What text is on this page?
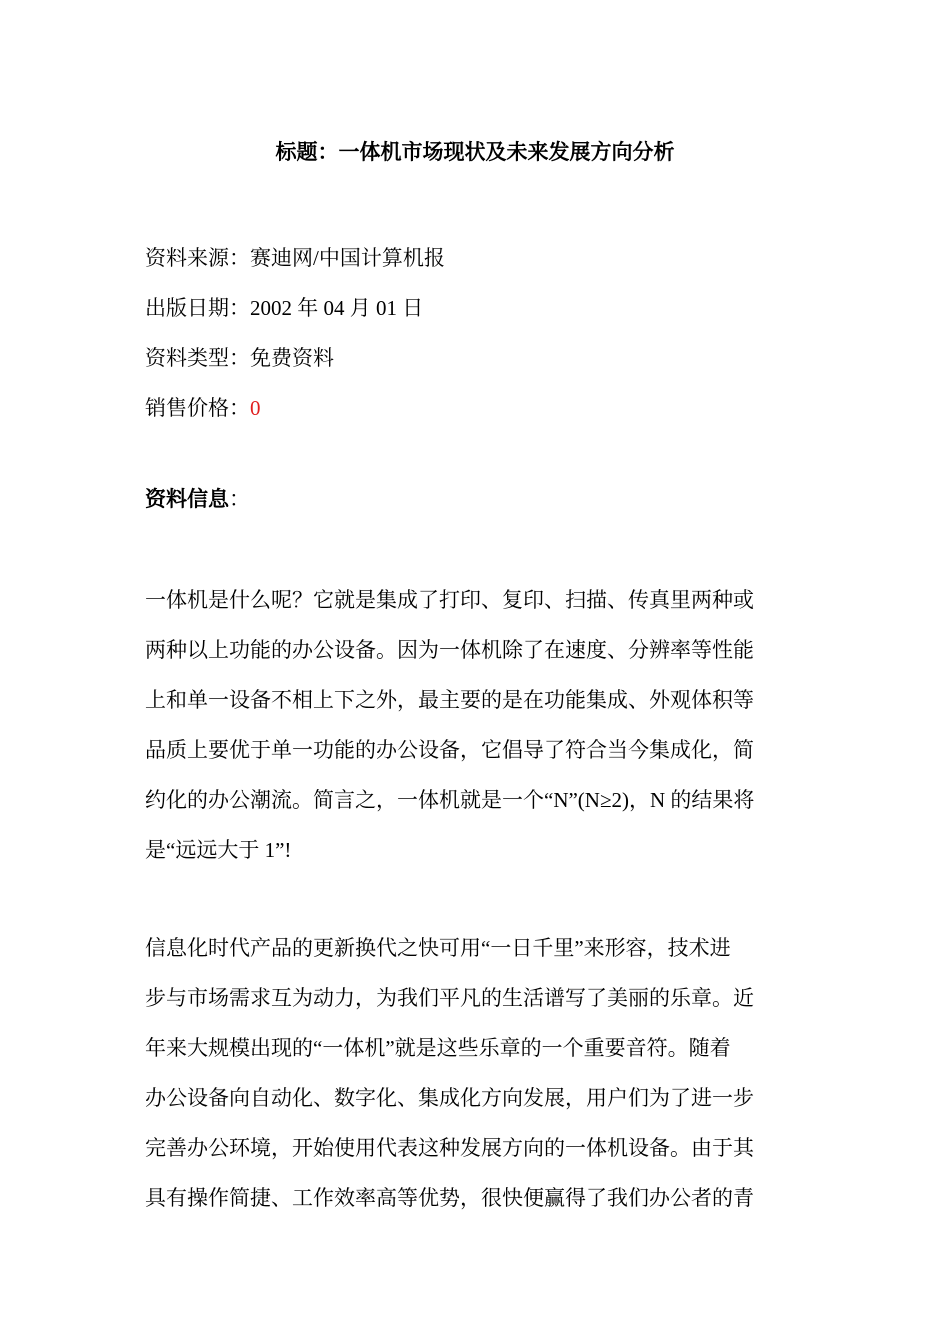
标题：一体机市场现状及未来发展方向分析
资料来源：赛迪网/中国计算机报
出版日期：2002 年 04 月 01 日
资料类型：免费资料
销售价格：0
资料信息：
一体机是什么呢？它就是集成了打印、复印、扫描、传真里两种或
两种以上功能的办公设备。因为一体机除了在速度、分辨率等性能
上和单一设备不相上下之外，最主要的是在功能集成、外观体积等
品质上要优于单一功能的办公设备，它倡导了符合当今集成化，简
约化的办公潮流。简言之，一体机就是一个“N”(N≥2)，N 的结果将
是“远远大于 1”!
信息化时代产品的更新换代之快可用“一日千里”来形容，技术进
步与市场需求互为动力，为我们平凡的生活谱写了美丽的乐章。近
年来大规模出现的“一体机”就是这些乐章的一个重要音符。随着
办公设备向自动化、数字化、集成化方向发展，用户们为了进一步
完善办公环境，开始使用代表这种发展方向的一体机设备。由于其
具有操作简捷、工作效率高等优势，很快便赢得了我们办公者的青
